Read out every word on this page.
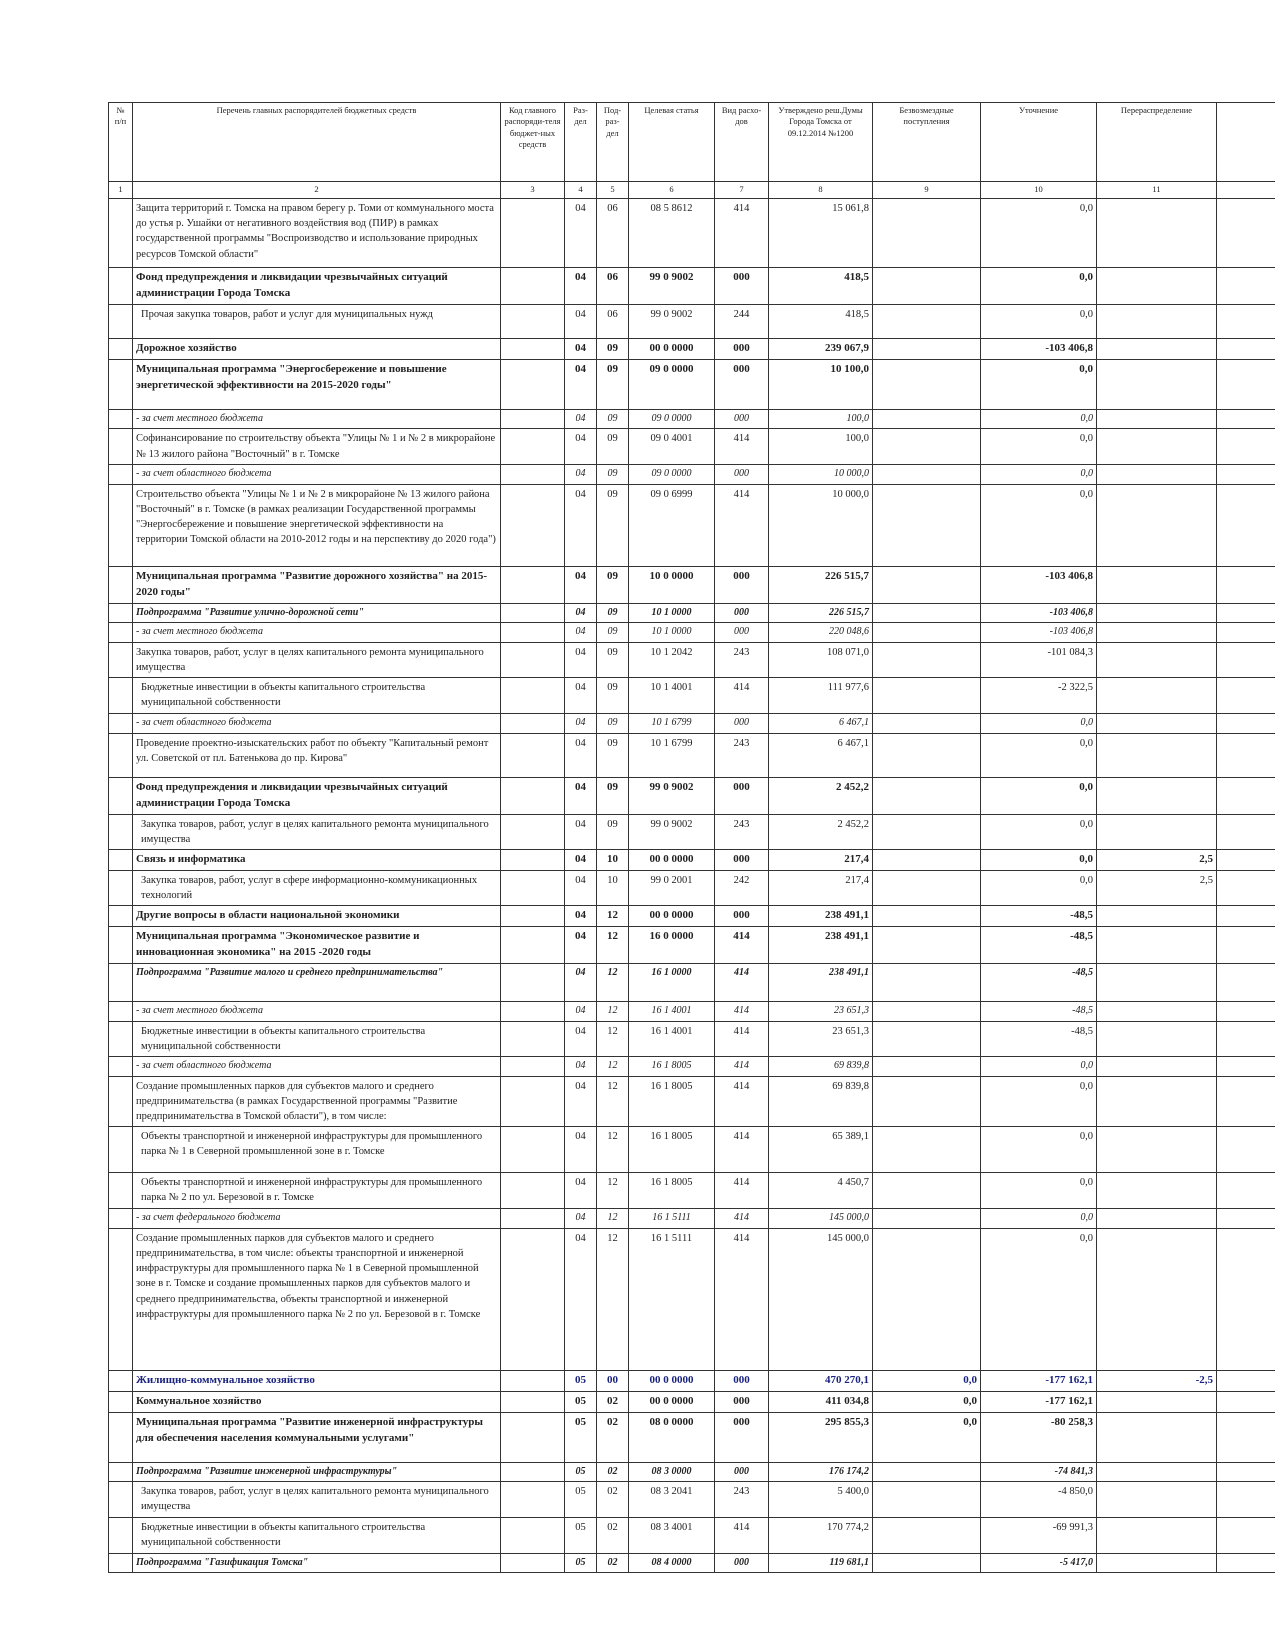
№ п/п	Перечень главных распорядителей бюджетных средств	Код главного распоряди-теля бюджет-ных средств	Раз-дел	Под-раз-дел	Целевая статья	Вид расхо-дов	Утверждено реш.Думы Города Томска от 09.12.2014 №1200	Безвозмездные поступления	Уточнение	Перераспределение	
1	2	3	4	5	6	7	8	9	10	11	
	Защита территорий г. Томска на правом берегу р. Томи от коммунального моста до устья р. Ушайки от негативного воздействия вод (ПИР) в рамках государственной программы "Воспроизводство и использование природных ресурсов Томской области"		04	06	08 5 8612	414	15 061,8		0,0		
	Фонд предупреждения и ликвидации чрезвычайных ситуаций администрации Города Томска		04	06	99 0 9002	000	418,5		0,0		
	Прочая закупка товаров, работ и услуг для муниципальных нужд		04	06	99 0 9002	244	418,5		0,0		
	Дорожное хозяйство		04	09	00 0 0000	000	239 067,9		-103 406,8		
	Муниципальная программа "Энергосбережение и повышение энергетической эффективности на 2015-2020 годы"		04	09	09 0 0000	000	10 100,0		0,0		
	- за счет местного бюджета		04	09	09 0 0000	000	100,0		0,0		
	Софинансирование по строительству объекта "Улицы № 1 и № 2 в микрорайоне № 13 жилого района "Восточный" в г. Томске		04	09	09 0 4001	414	100,0		0,0		
	- за счет областного бюджета		04	09	09 0 0000	000	10 000,0		0,0		
	Строительство объекта "Улицы № 1 и № 2 в микрорайоне № 13 жилого района "Восточный" в г. Томске (в рамках реализации Государственной программы "Энергосбережение и повышение энергетической эффективности на территории Томской области на 2010-2012 годы и на перспективу до 2020 года")		04	09	09 0 6999	414	10 000,0		0,0		
	Муниципальная программа "Развитие дорожного хозяйства" на 2015-2020 годы"		04	09	10 0 0000	000	226 515,7		-103 406,8		
	Подпрограмма "Развитие улично-дорожной сети"		04	09	10 1 0000	000	226 515,7		-103 406,8		
	- за счет местного бюджета		04	09	10 1 0000	000	220 048,6		-103 406,8		
	Закупка товаров, работ, услуг в целях капитального ремонта муниципального имущества		04	09	10 1 2042	243	108 071,0		-101 084,3		
	Бюджетные инвестиции в объекты капитального строительства муниципальной собственности		04	09	10 1 4001	414	111 977,6		-2 322,5		
	- за счет областного бюджета		04	09	10 1 6799	000	6 467,1		0,0		
	Проведение проектно-изыскательских работ по объекту "Капитальный ремонт ул. Советской от пл. Батенькова до пр. Кирова"		04	09	10 1 6799	243	6 467,1		0,0		
	Фонд предупреждения и ликвидации чрезвычайных ситуаций администрации Города Томска		04	09	99 0 9002	000	2 452,2		0,0		
	Закупка товаров, работ, услуг в целях капитального ремонта муниципального имущества		04	09	99 0 9002	243	2 452,2		0,0		
	Связь и информатика		04	10	00 0 0000	000	217,4		0,0	2,5	
	Закупка товаров, работ, услуг в сфере информационно-коммуникационных технологий		04	10	99 0 2001	242	217,4		0,0	2,5	
	Другие вопросы в области национальной экономики		04	12	00 0 0000	000	238 491,1		-48,5		
	Муниципальная программа "Экономическое развитие и инновационная экономика" на 2015 -2020 годы		04	12	16 0 0000	414	238 491,1		-48,5		
	Подпрограмма "Развитие малого и среднего предпринимательства"		04	12	16 1 0000	414	238 491,1		-48,5		
	- за счет местного бюджета		04	12	16 1 4001	414	23 651,3		-48,5		
	Бюджетные инвестиции в объекты капитального строительства муниципальной собственности		04	12	16 1 4001	414	23 651,3		-48,5		
	- за счет областного бюджета		04	12	16 1 8005	414	69 839,8		0,0		
	Создание промышленных парков для субъектов малого и среднего предпринимательства (в рамках Государственной программы "Развитие предпринимательства в Томской области"), в том числе:		04	12	16 1 8005	414	69 839,8		0,0		
	Объекты транспортной и инженерной инфраструктуры для промышленного парка № 1 в Северной промышленной зоне в г. Томске		04	12	16 1 8005	414	65 389,1		0,0		
	Объекты транспортной и инженерной инфраструктуры для промышленного парка № 2 по ул. Березовой в г. Томске		04	12	16 1 8005	414	4 450,7		0,0		
	- за счет федерального бюджета		04	12	16 1 5111	414	145 000,0		0,0		
	Создание промышленных парков для субъектов малого и среднего предпринимательства, в том числе: объекты транспортной и инженерной инфраструктуры для промышленного парка № 1 в Северной промышленной зоне в г. Томске и создание промышленных парков для субъектов малого и среднего предпринимательства, объекты транспортной и инженерной инфраструктуры для промышленного парка № 2 по ул. Березовой в г. Томске		04	12	16 1 5111	414	145 000,0		0,0		
	Жилищно-коммунальное хозяйство		05	00	00 0 0000	000	470 270,1	0,0	-177 162,1	-2,5	
	Коммунальное хозяйство		05	02	00 0 0000	000	411 034,8	0,0	-177 162,1		
	Муниципальная программа "Развитие инженерной инфраструктуры для обеспечения населения коммунальными услугами"		05	02	08 0 0000	000	295 855,3	0,0	-80 258,3		
	Подпрограмма "Развитие инженерной инфраструктуры"		05	02	08 3 0000	000	176 174,2		-74 841,3		
	Закупка товаров, работ, услуг в целях капитального ремонта муниципального имущества		05	02	08 3 2041	243	5 400,0		-4 850,0		
	Бюджетные инвестиции в объекты капитального строительства муниципальной собственности		05	02	08 3 4001	414	170 774,2		-69 991,3		
	Подпрограмма "Газификация Томска"		05	02	08 4 0000	000	119 681,1		-5 417,0		
